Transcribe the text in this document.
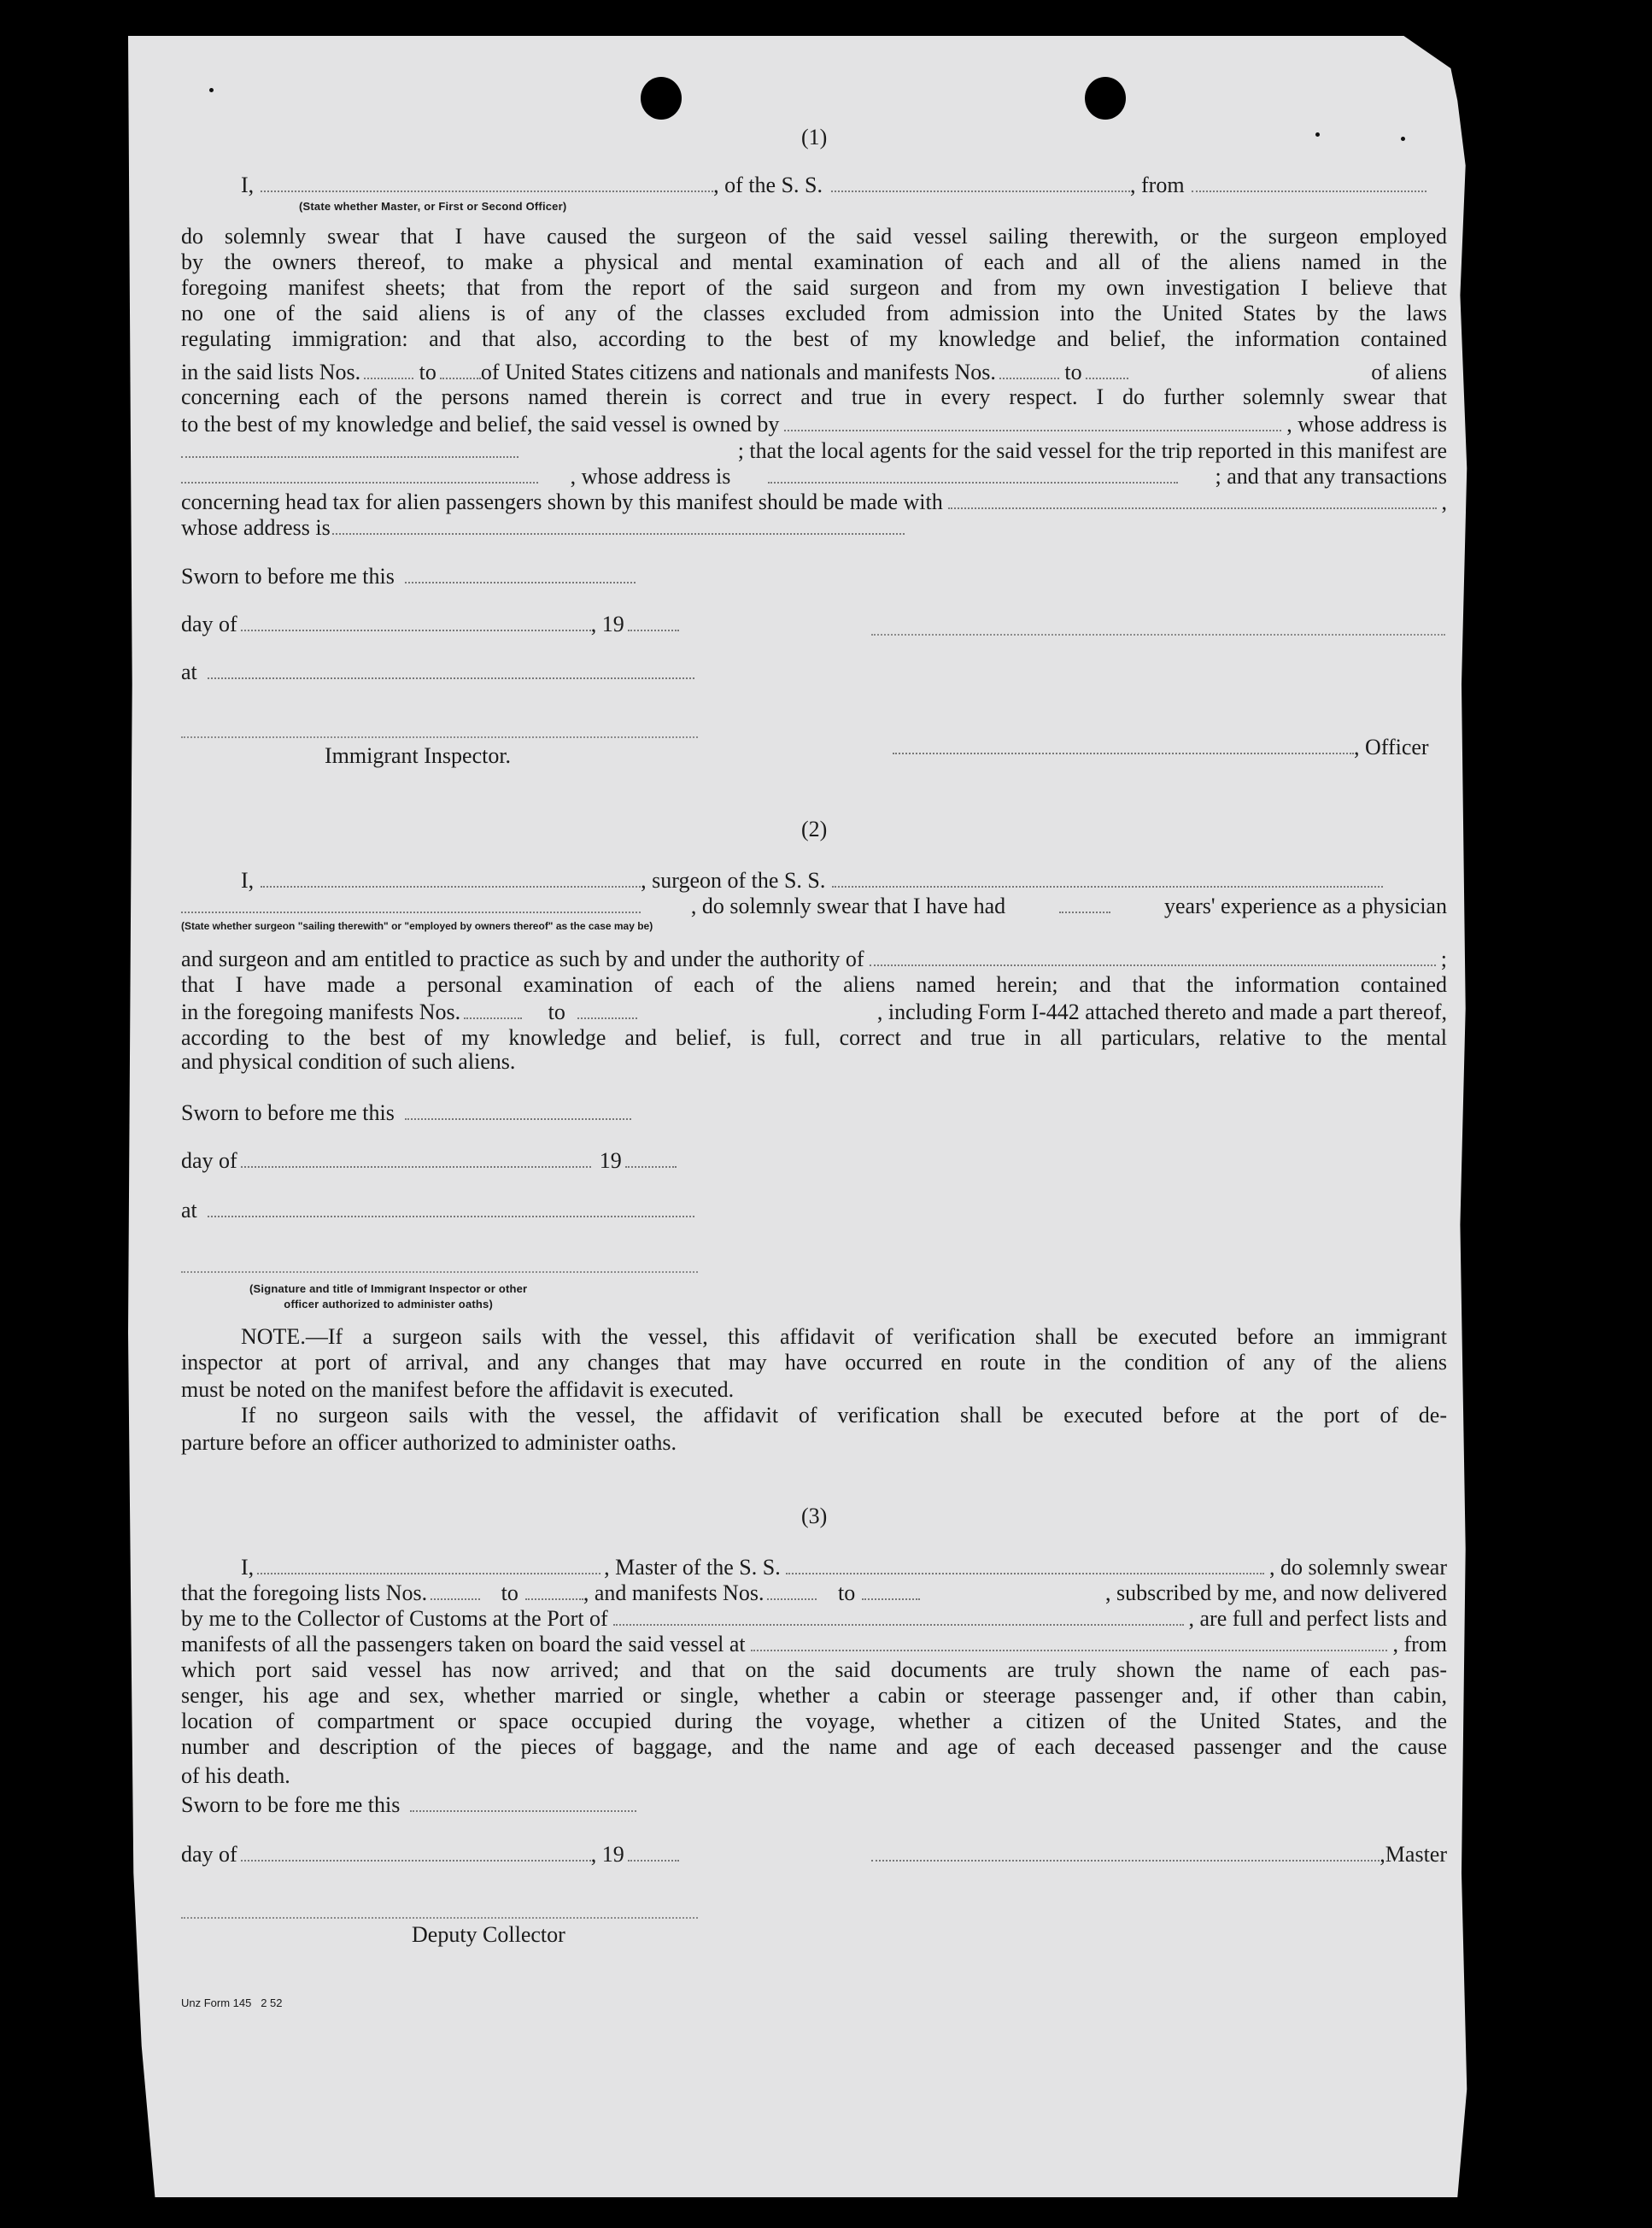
(1)
I,	, of the S. S.	, from
(State whether Master, or First or Second Officer)
do solemnly swear that I have caused the surgeon of the said vessel sailing therewith, or the surgeon employed
by the owners thereof, to make a physical and mental examination of each and all of the aliens named in the
foregoing manifest sheets; that from the report of the said surgeon and from my own investigation I believe that
no one of the said aliens is of any of the classes excluded from admission into the United States by the laws
regulating immigration: and that also, according to the best of my knowledge and belief, the information contained
in the said lists Nos.	to of United States citizens and nationals and manifests Nos.	to	of aliens
concerning each of the persons named therein is correct and true in every respect. I do further solemnly swear that
to the best of my knowledge and belief, the said vessel is owned by	, whose address is
; that the local agents for the said vessel for the trip reported in this manifest are
, whose address is	; and that any transactions
concerning head tax for alien passengers shown by this manifest should be made with	,
whose address is
Sworn to before me this
day of	, 19
at
Immigrant Inspector.	, Officer
(2)
I,	, surgeon of the S. S.
, do solemnly swear that I have had	years' experience as a physician
(State whether surgeon "sailing therewith" or "employed by owners thereof" as the case may be)
and surgeon and am entitled to practice as such by and under the authority of	;
that I have made a personal examination of each of the aliens named herein; and that the information contained
in the foregoing manifests Nos.	to	, including Form I-442 attached thereto and made a part thereof,
according to the best of my knowledge and belief, is full, correct and true in all particulars, relative to the mental
and physical condition of such aliens.
Sworn to before me this
day of	19
at
(Signature and title of Immigrant Inspector or other
officer authorized to administer oaths)
NOTE.—If a surgeon sails with the vessel, this affidavit of verification shall be executed before an immigrant
inspector at port of arrival, and any changes that may have occurred en route in the condition of any of the aliens
must be noted on the manifest before the affidavit is executed.
If no surgeon sails with the vessel, the affidavit of verification shall be executed before at the port of de-
parture before an officer authorized to administer oaths.
(3)
I,	, Master of the S. S.	, do solemnly swear
that the foregoing lists Nos.	to	, and manifests Nos.	to	, subscribed by me, and now delivered
by me to the Collector of Customs at the Port of	, are full and perfect lists and
manifests of all the passengers taken on board the said vessel at	, from
which port said vessel has now arrived; and that on the said documents are truly shown the name of each pas-
senger, his age and sex, whether married or single, whether a cabin or steerage passenger and, if other than cabin,
location of compartment or space occupied during the voyage, whether a citizen of the United States, and the
number and description of the pieces of baggage, and the name and age of each deceased passenger and the cause
of his death.
Sworn to be fore me this
day of	, 19	,Master
Deputy Collector
Unz Form 145   2 52
